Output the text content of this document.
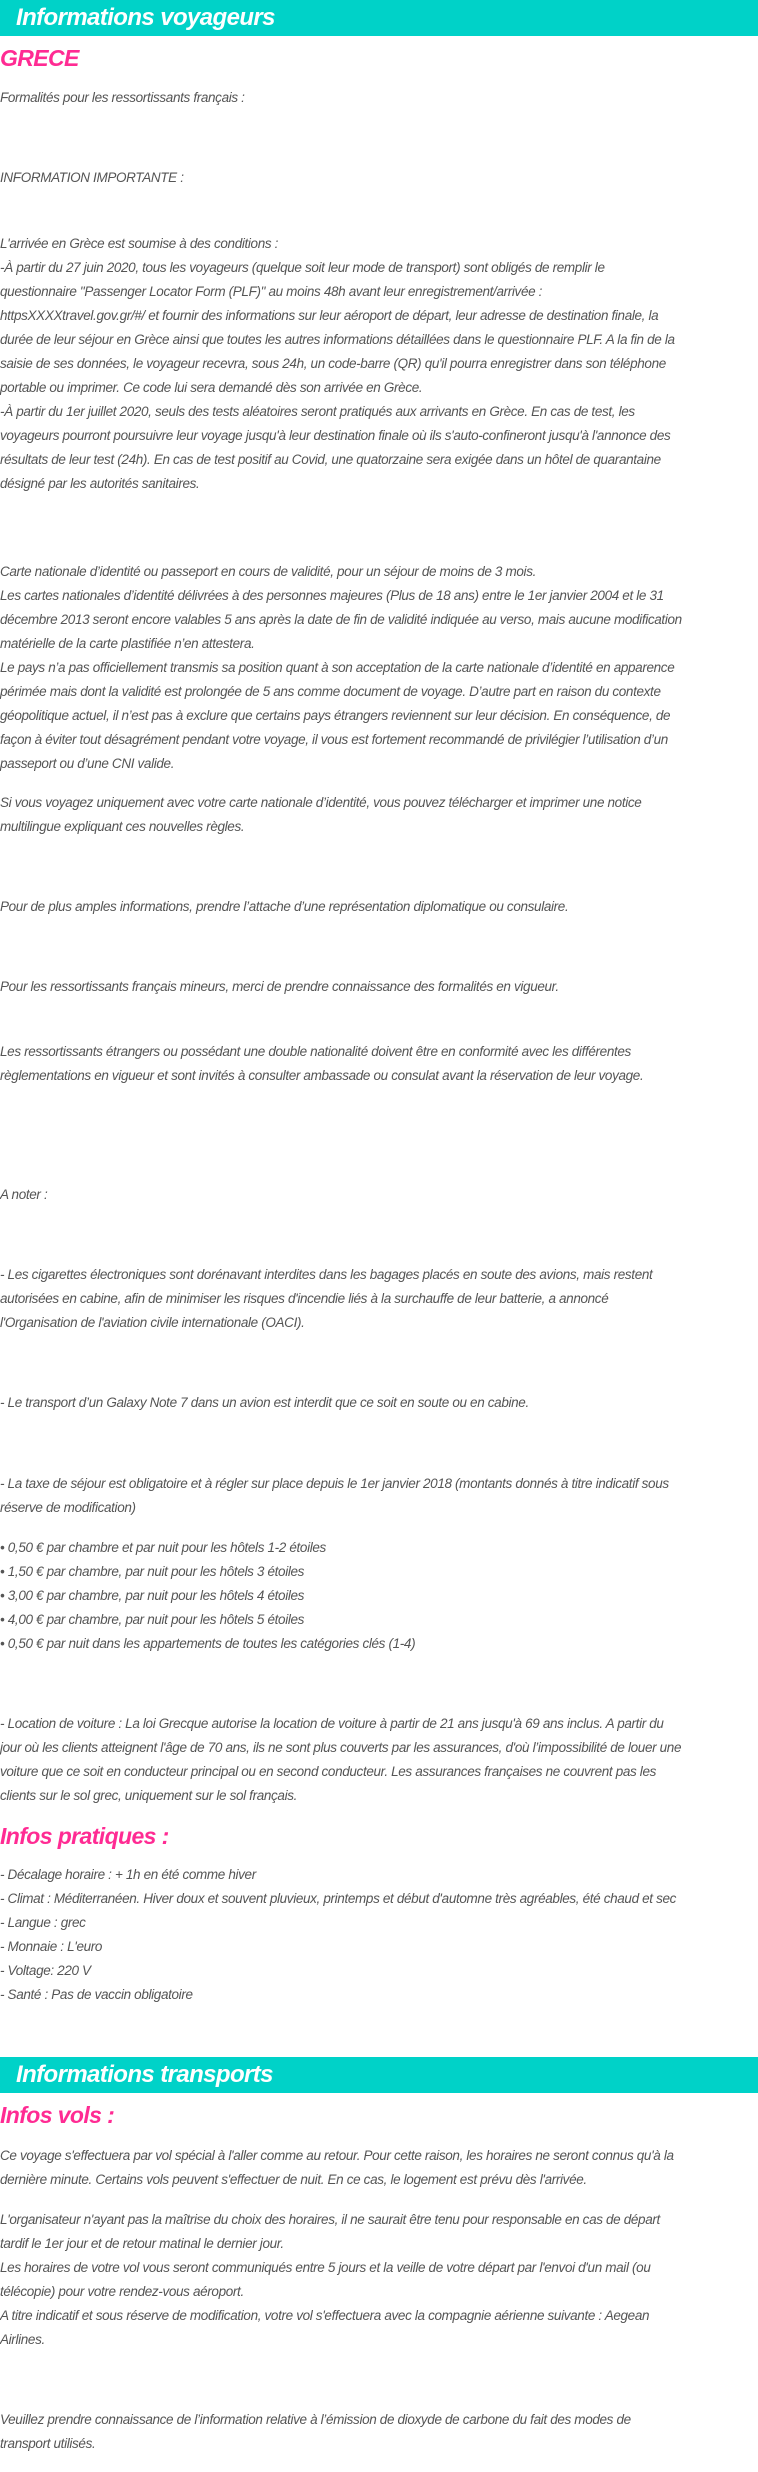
Informations voyageurs
GRECE

Formalités pour les ressortissants français :

INFORMATION IMPORTANTE :

L'arrivée en Grèce est soumise à des conditions :
-À partir du 27 juin 2020, tous les voyageurs (quelque soit leur mode de transport) sont obligés de remplir le
questionnaire "Passenger Locator Form (PLF)" au moins 48h avant leur enregistrement/arrivée :
httpsXXXXtravel.gov.gr/#/ et fournir des informations sur leur aéroport de départ, leur adresse de destination finale, la
durée de leur séjour en Grèce ainsi que toutes les autres informations détaillées dans le questionnaire PLF. A la fin de la
saisie de ses données, le voyageur recevra, sous 24h, un code-barre (QR) qu'il pourra enregistrer dans son téléphone
portable ou imprimer. Ce code lui sera demandé dès son arrivée en Grèce.
-À partir du 1er juillet 2020, seuls des tests aléatoires seront pratiqués aux arrivants en Grèce. En cas de test, les
voyageurs pourront poursuivre leur voyage jusqu'à leur destination finale où ils s'auto-confineront jusqu'à l'annonce des
résultats de leur test (24h). En cas de test positif au Covid, une quatorzaine sera exigée dans un hôtel de quarantaine
désigné par les autorités sanitaires.
Carte nationale d’identité ou passeport en cours de validité, pour un séjour de moins de 3 mois.
Les cartes nationales d’identité délivrées à des personnes majeures (Plus de 18 ans) entre le 1er janvier 2004 et le 31
décembre 2013 seront encore valables 5 ans après la date de fin de validité indiquée au verso, mais aucune modification
matérielle de la carte plastifiée n’en attestera.
Le pays n’a pas officiellement transmis sa position quant à son acceptation de la carte nationale d’identité en apparence
périmée mais dont la validité est prolongée de 5 ans comme document de voyage. D’autre part en raison du contexte
géopolitique actuel, il n’est pas à exclure que certains pays étrangers reviennent sur leur décision. En conséquence, de
façon à éviter tout désagrément pendant votre voyage, il vous est fortement recommandé de privilégier l’utilisation d’un
passeport ou d’une CNI valide.
Si vous voyagez uniquement avec votre carte nationale d’identité, vous pouvez télécharger et imprimer une notice
multilingue expliquant ces nouvelles règles.

Pour de plus amples informations, prendre l’attache d’une représentation diplomatique ou consulaire.

Pour les ressortissants français mineurs, merci de prendre connaissance des formalités en vigueur.

Les ressortissants étrangers ou possédant une double nationalité doivent être en conformité avec les différentes
règlementations en vigueur et sont invités à consulter ambassade ou consulat avant la réservation de leur voyage.

A noter :

- Les cigarettes électroniques sont dorénavant interdites dans les bagages placés en soute des avions, mais restent
autorisées en cabine, afin de minimiser les risques d'incendie liés à la surchauffe de leur batterie, a annoncé
l'Organisation de l'aviation civile internationale (OACI).

- Le transport d’un Galaxy Note 7 dans un avion est interdit que ce soit en soute ou en cabine.

- La taxe de séjour est obligatoire et à régler sur place depuis le 1er janvier 2018 (montants donnés à titre indicatif sous
réserve de modification)
• 0,50 € par chambre et par nuit pour les hôtels 1-2 étoiles
• 1,50 € par chambre, par nuit pour les hôtels 3 étoiles
• 3,00 € par chambre, par nuit pour les hôtels 4 étoiles
• 4,00 € par chambre, par nuit pour les hôtels 5 étoiles
• 0,50 € par nuit dans les appartements de toutes les catégories clés (1-4)
- Location de voiture : La loi Grecque autorise la location de voiture à partir de 21 ans jusqu'à 69 ans inclus. A partir du
jour où les clients atteignent l'âge de 70 ans, ils ne sont plus couverts par les assurances, d'où l’impossibilité de louer une
voiture que ce soit en conducteur principal ou en second conducteur. Les assurances françaises ne couvrent pas les
clients sur le sol grec, uniquement sur le sol français.
Infos pratiques :
- Décalage horaire : + 1h en été comme hiver
- Climat : Méditerranéen. Hiver doux et souvent pluvieux, printemps et début d'automne très agréables, été chaud et sec
- Langue : grec
- Monnaie : L'euro
- Voltage: 220 V
- Santé : Pas de vaccin obligatoire
Informations transports
Infos vols :
Ce voyage s'effectuera par vol spécial à l'aller comme au retour. Pour cette raison, les horaires ne seront connus qu'à la
dernière minute. Certains vols peuvent s'effectuer de nuit. En ce cas, le logement est prévu dès l'arrivée.
L'organisateur n'ayant pas la maîtrise du choix des horaires, il ne saurait être tenu pour responsable en cas de départ
tardif le 1er jour et de retour matinal le dernier jour.
Les horaires de votre vol vous seront communiqués entre 5 jours et la veille de votre départ par l'envoi d'un mail (ou
télécopie) pour votre rendez-vous aéroport.
A titre indicatif et sous réserve de modification, votre vol s'effectuera avec la compagnie aérienne suivante : Aegean
Airlines.
Veuillez prendre connaissance de l’information relative à l’émission de dioxyde de carbone du fait des modes de
transport utilisés.
